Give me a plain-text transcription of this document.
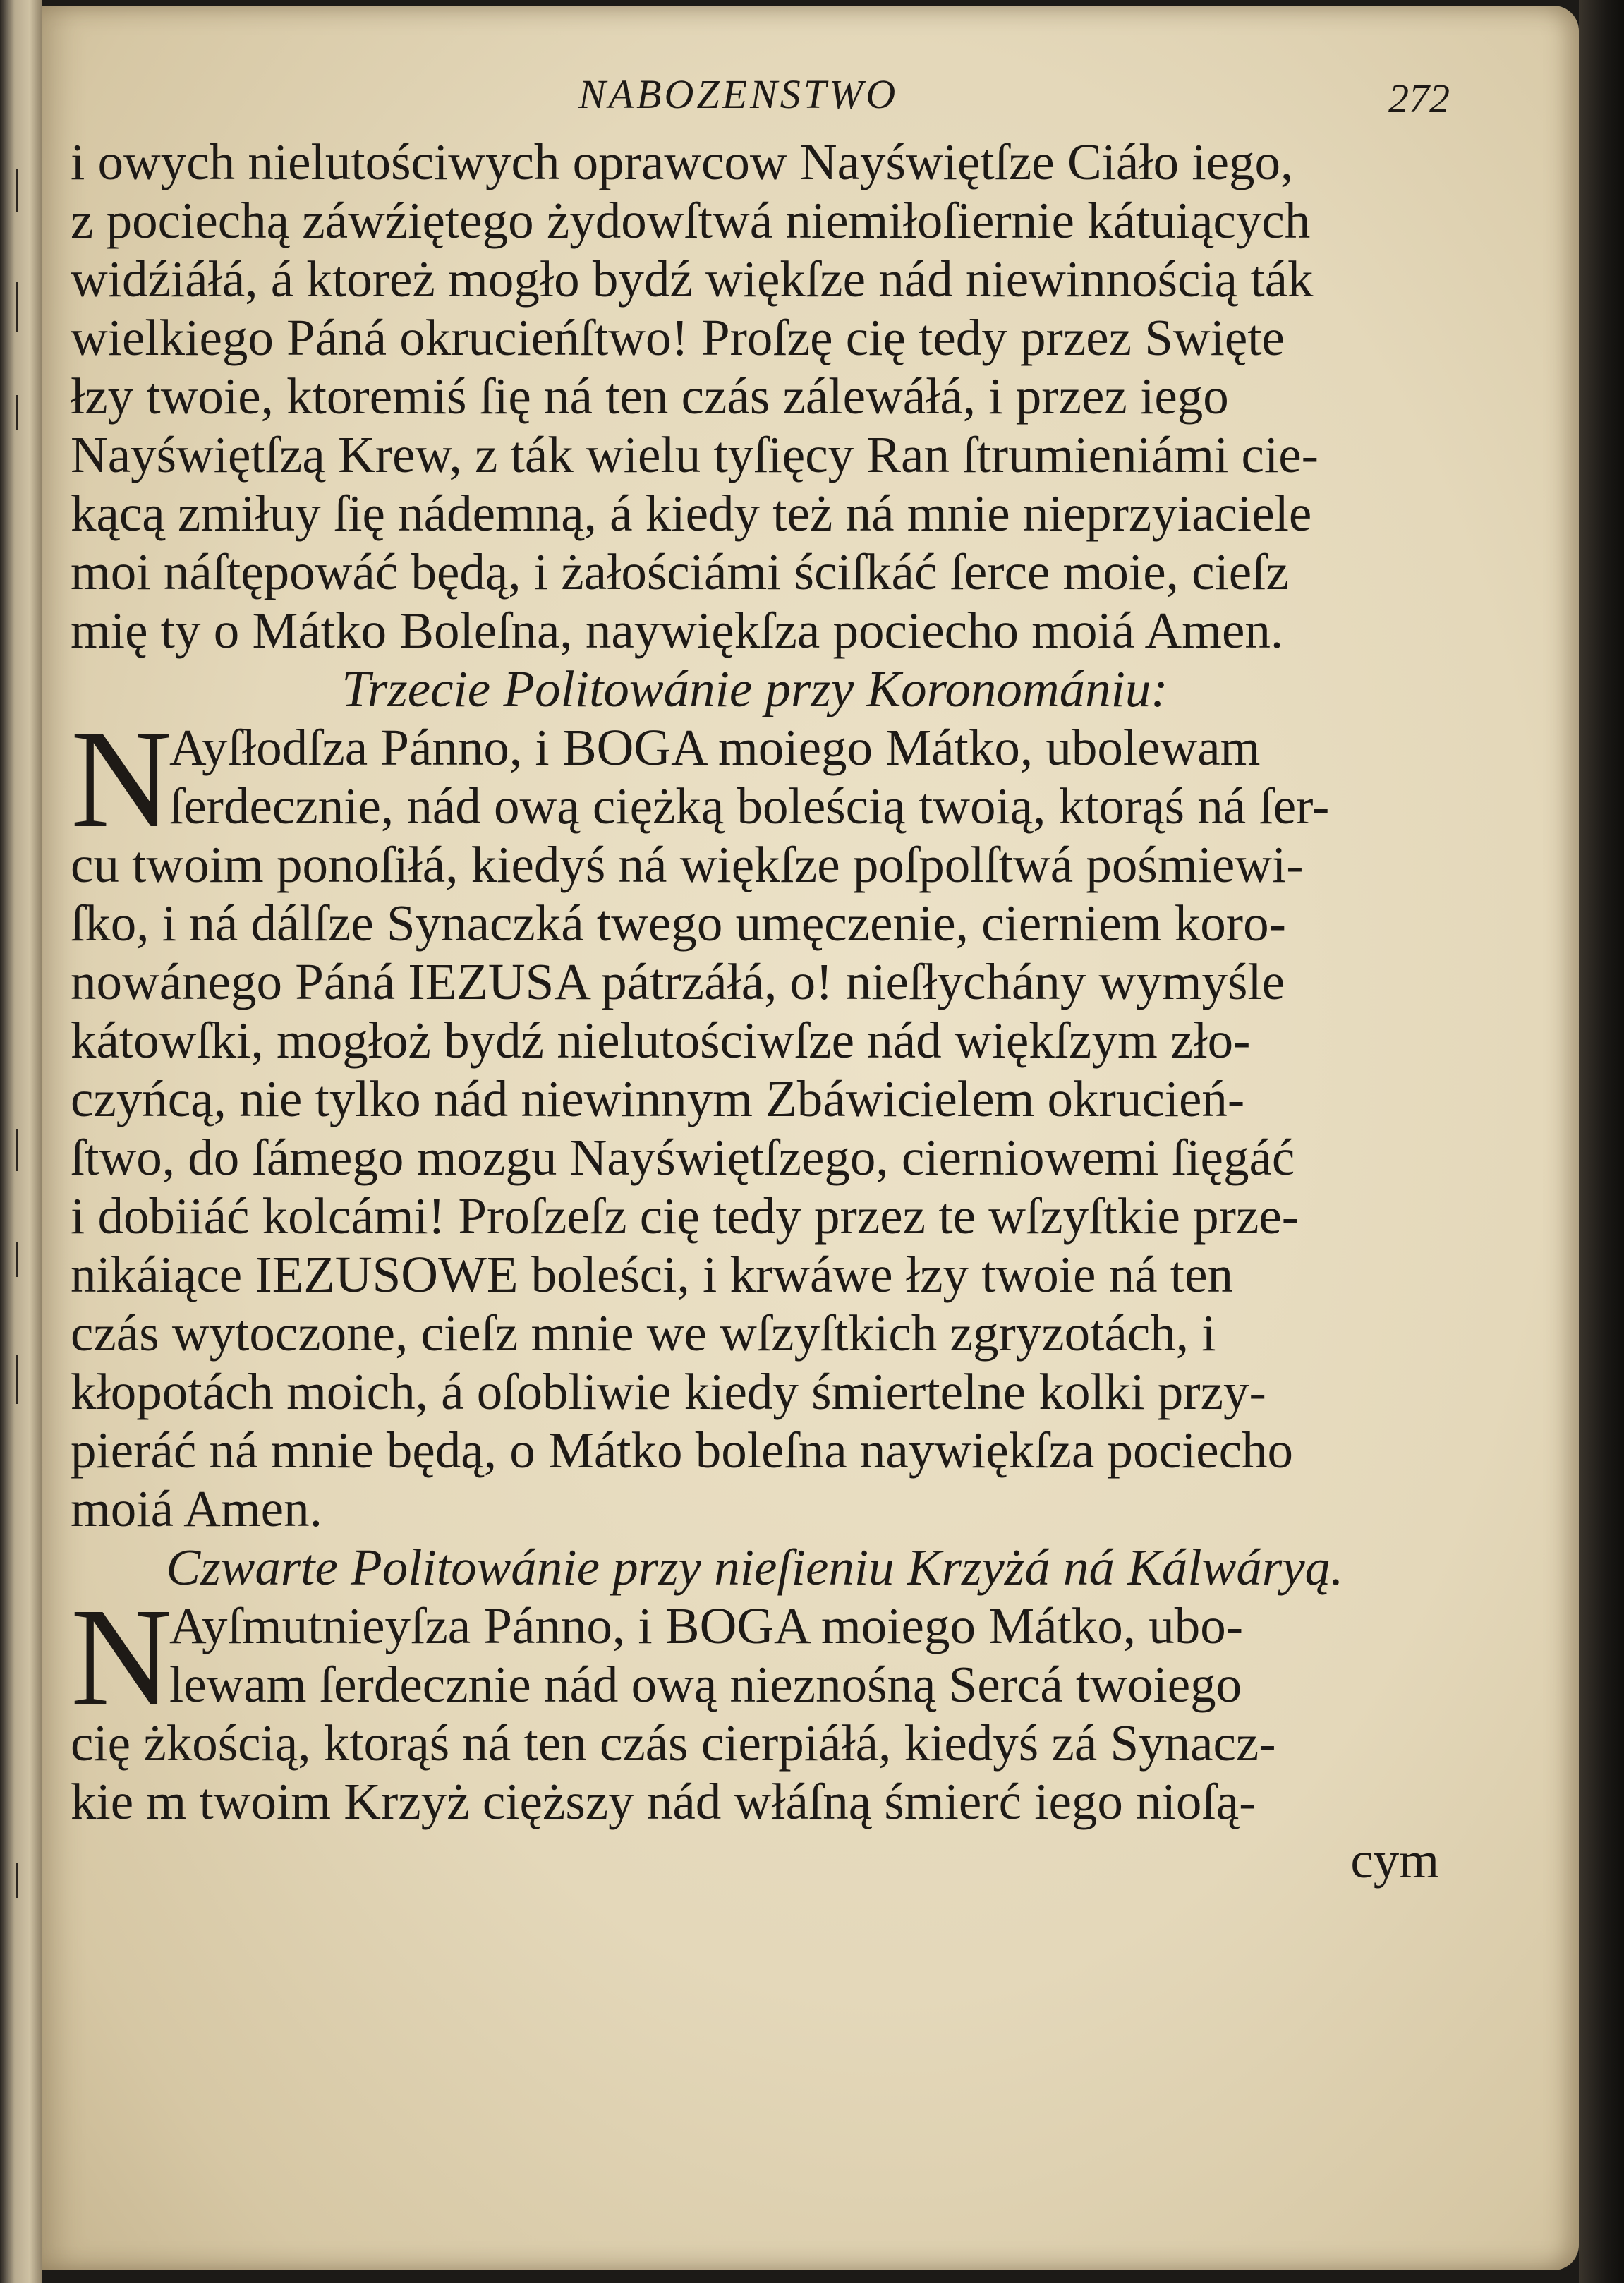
NABOZENSTWO	272
i owych nielutościwych oprawcow Nayświętſze Ciáło iego,
z pociechą záwźiętego żydowſtwá niemiłoſiernie kátuiących
widźiáłá, á ktoreż mogło bydź więkſze nád niewinnością ták
wielkiego Páná okrucieńſtwo! Proſzę cię tedy przez Swięte
łzy twoie, ktoremiś ſię ná ten czás zálewáłá, i przez iego
Nayświętſzą Krew, z ták wielu tyſięcy Ran ſtrumieniámi cie-
kącą zmiłuy ſię nádemną, á kiedy też ná mnie nieprzyiaciele
moi náſtępowáć będą, i żałościámi ściſkáć ſerce moie, cieſz
mię ty o Mátko Boleſna, naywiękſza pociecho moiá Amen.
Trzecie Politowánie przy Koronomániu:
N
Ayſłodſza Pánno, i BOGA moiego Mátko, ubolewam
ſerdecznie, nád ową ciężką boleścią twoią, ktorąś ná ſer-
cu twoim ponoſiłá, kiedyś ná więkſze poſpolſtwá pośmiewi-
ſko, i ná dálſze Synaczká twego umęczenie, cierniem koro-
nowánego Páná IEZUSA pátrzáłá, o! nieſłychány wymyśle
kátowſki, mogłoż bydź nielutościwſze nád więkſzym zło-
czyńcą, nie tylko nád niewinnym Zbáwicielem okrucień-
ſtwo, do ſámego mozgu Nayświętſzego, cierniowemi ſięgáć
i dobiiáć kolcámi! Proſzeſz cię tedy przez te wſzyſtkie prze-
nikáiące IEZUSOWE boleści, i krwáwe łzy twoie ná ten
czás wytoczone, cieſz mnie we wſzyſtkich zgryzotách, i
kłopotách moich, á oſobliwie kiedy śmiertelne kolki przy-
pieráć ná mnie będą, o Mátko boleſna naywiękſza pociecho
moiá Amen.
Czwarte Politowánie przy nieſieniu Krzyżá ná Kálwáryą.
N
Ayſmutnieyſza Pánno, i BOGA moiego Mátko, ubo-
lewam ſerdecznie nád ową nieznośną Sercá twoiego
cię żkością, ktorąś ná ten czás cierpiáłá, kiedyś zá Synacz-
kie m twoim Krzyż cięższy nád włáſną śmierć iego nioſą-
cym
